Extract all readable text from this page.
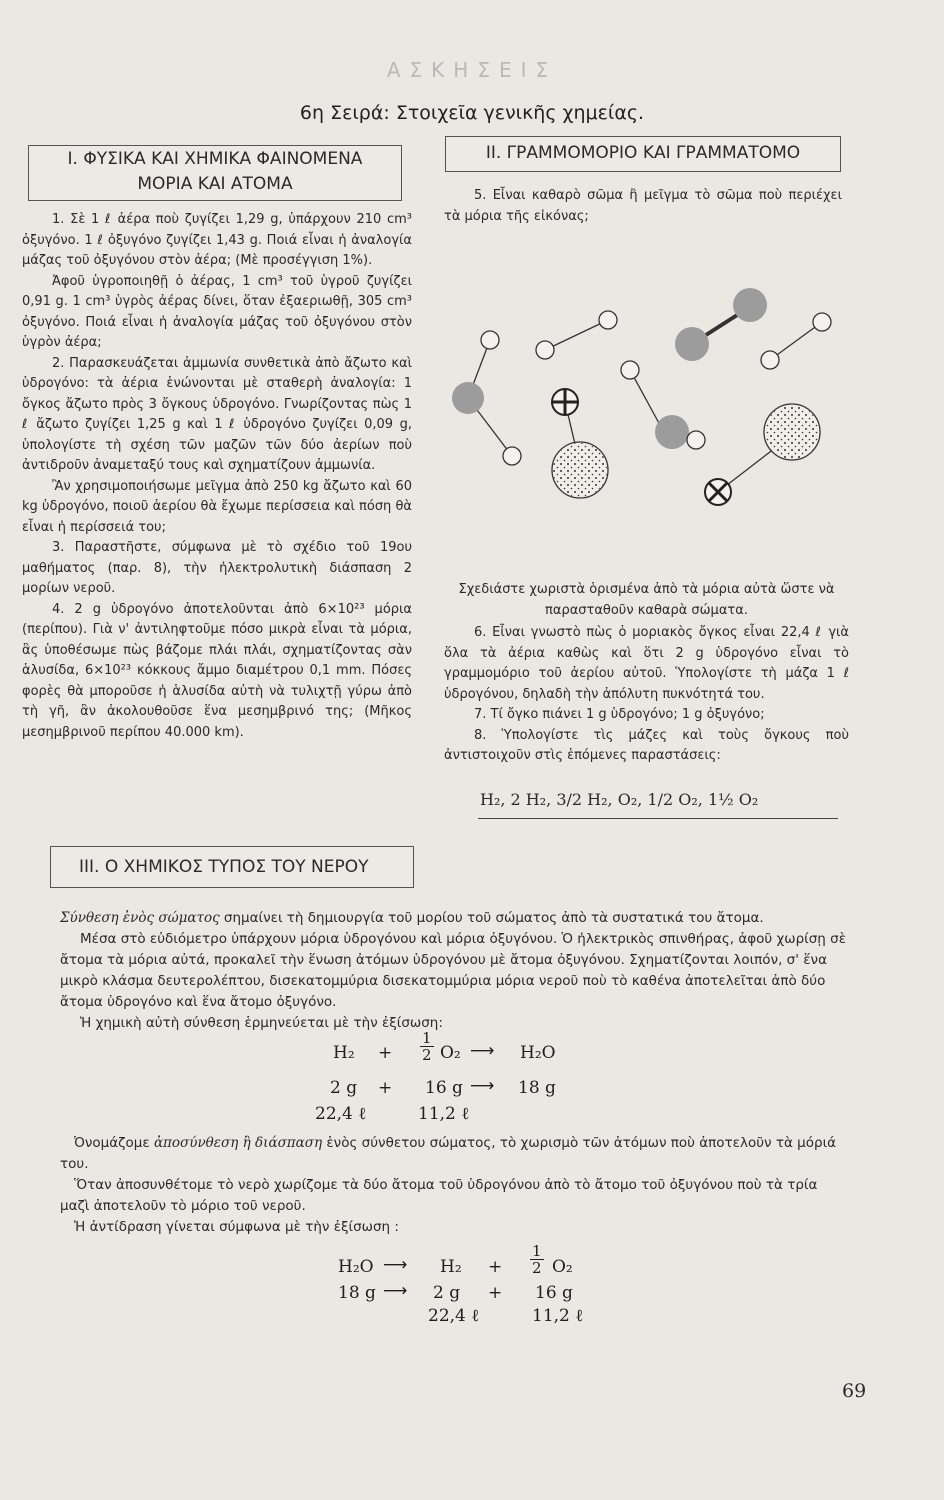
ΑΣΚΗΣΕΙΣ
6η Σειρά: Στοιχεῖα γενικῆς χημείας.
I. ΦΥΣΙΚΑ ΚΑΙ ΧΗΜΙΚΑ ΦΑΙΝΟΜΕΝΑ
ΜΟΡΙΑ ΚΑΙ ΑΤΟΜΑ

1. Σὲ 1 ℓ ἀέρα ποὺ ζυγίζει 1,29 g, ὑπάρχουν 210 cm³ ὀξυγόνο. 1 ℓ ὀξυγόνο ζυγίζει 1,43 g. Ποιά εἶναι ἡ ἀναλογία μάζας τοῦ ὀξυγόνου στὸν ἀέρα; (Μὲ προσέγγιση 1%).

Ἀφοῦ ὑγροποιηθῇ ὁ ἀέρας, 1 cm³ τοῦ ὑγροῦ ζυγίζει 0,91 g. 1 cm³ ὑγρὸς ἀέρας δίνει, ὅταν ἐξαεριωθῇ, 305 cm³ ὀξυγόνο. Ποιά εἶναι ἡ ἀναλογία μάζας τοῦ ὀξυγόνου στὸν ὑγρὸν ἀέρα;

2. Παρασκευάζεται ἀμμωνία συνθετικὰ ἀπὸ ἄζωτο καὶ ὑδρογόνο: τὰ ἀέρια ἑνώνονται μὲ σταθερὴ ἀναλογία: 1 ὄγκος ἄζωτο πρὸς 3 ὄγκους ὑδρογόνο. Γνωρίζοντας πὼς 1 ℓ ἄζωτο ζυγίζει 1,25 g καὶ 1 ℓ ὑδρογόνο ζυγίζει 0,09 g, ὑπολογίστε τὴ σχέση τῶν μαζῶν τῶν δύο ἀερίων ποὺ ἀντιδροῦν ἀναμεταξύ τους καὶ σχηματίζουν ἀμμωνία.

Ἂν χρησιμοποιήσωμε μεῖγμα ἀπὸ 250 kg ἄζωτο καὶ 60 kg ὑδρογόνο, ποιοῦ ἀερίου θὰ ἔχωμε περίσσεια καὶ πόση θὰ εἶναι ἡ περίσσειά του;

3. Παραστῆστε, σύμφωνα μὲ τὸ σχέδιο τοῦ 19ου μαθήματος (παρ. 8), τὴν ἠλεκτρολυτικὴ διάσπαση 2 μορίων νεροῦ.

4. 2 g ὑδρογόνο ἀποτελοῦνται ἀπὸ 6×10²³ μόρια (περίπου). Γιὰ ν' ἀντιληφτοῦμε πόσο μικρὰ εἶναι τὰ μόρια, ἂς ὑποθέσωμε πὼς βάζομε πλάι πλάι, σχηματίζοντας σὰν ἁλυσίδα, 6×10²³ κόκκους ἄμμο διαμέτρου 0,1 mm. Πόσες φορὲς θὰ μποροῦσε ἡ ἁλυσίδα αὐτὴ νὰ τυλιχτῇ γύρω ἀπὸ τὴ γῆ, ἂν ἀκολουθοῦσε ἕνα μεσημβρινό της; (Μῆκος μεσημβρινοῦ περίπου 40.000 km).

II. ΓΡΑΜΜΟΜΟΡΙΟ ΚΑΙ ΓΡΑΜΜΑΤΟΜΟ
5. Εἶναι καθαρὸ σῶμα ἢ μεῖγμα τὸ σῶμα ποὺ περιέχει τὰ μόρια τῆς εἰκόνας;
Σχεδιάστε χωριστὰ ὁρισμένα ἀπὸ τὰ μόρια αὐτὰ ὥστε νὰ παρασταθοῦν καθαρὰ σώματα.

6. Εἶναι γνωστὸ πὼς ὁ μοριακὸς ὄγκος εἶναι 22,4 ℓ γιὰ ὅλα τὰ ἀέρια καθὼς καὶ ὅτι 2 g ὑδρογόνο εἶναι τὸ γραμμομόριο τοῦ ἀερίου αὐτοῦ. Ὑπολογίστε τὴ μάζα 1 ℓ ὑδρογόνου, δηλαδὴ τὴν ἀπόλυτη πυκνότητά του.

7. Τί ὄγκο πιάνει 1 g ὑδρογόνο; 1 g ὀξυγόνο;

8. Ὑπολογίστε τὶς μάζες καὶ τοὺς ὄγκους ποὺ ἀντιστοιχοῦν στὶς ἑπόμενες παραστάσεις:

H₂, 2 H₂, 3/2 H₂, O₂, 1/2 O₂, 1½ O₂
III. Ο ΧΗΜΙΚΟΣ ΤΥΠΟΣ ΤΟΥ ΝΕΡΟΥ

Σύνθεση ἑνὸς σώματος σημαίνει τὴ δημιουργία τοῦ μορίου τοῦ σώματος ἀπὸ τὰ συστατικά του ἄτομα.

Μέσα στὸ εὐδιόμετρο ὑπάρχουν μόρια ὑδρογόνου καὶ μόρια ὀξυγόνου. Ὁ ἠλεκτρικὸς σπινθήρας, ἀφοῦ χωρίσῃ σὲ ἄτομα τὰ μόρια αὐτά, προκαλεῖ τὴν ἕνωση ἀτόμων ὑδρογόνου μὲ ἄτομα ὀξυγόνου. Σχηματίζονται λοιπόν, σ' ἕνα μικρὸ κλάσμα δευτερολέπτου, δισεκατομμύρια δισεκατομμύρια μόρια νεροῦ ποὺ τὸ καθένα ἀποτελεῖται ἀπὸ δύο ἄτομα ὑδρογόνο καὶ ἕνα ἄτομο ὀξυγόνο.

Ἡ χημικὴ αὐτὴ σύνθεση ἑρμηνεύεται μὲ τὴν ἐξίσωση:

$H_2 + \frac{1}{2} O_2$ ⟶ H₂O
2 g + 16 g ⟶ 18 g
22,4 ℓ	11,2 ℓ

Ὀνομάζομε ἀποσύνθεση ἢ διάσπαση ἑνὸς σύνθετου σώματος, τὸ χωρισμὸ τῶν ἀτόμων ποὺ ἀποτελοῦν τὰ μόριά του.

Ὅταν ἀποσυνθέτομε τὸ νερὸ χωρίζομε τὰ δύο ἄτομα τοῦ ὑδρογόνου ἀπὸ τὸ ἄτομο τοῦ ὀξυγόνου ποὺ τὰ τρία μαζὶ ἀποτελοῦν τὸ μόριο τοῦ νεροῦ.

Ἡ ἀντίδραση γίνεται σύμφωνα μὲ τὴν ἐξίσωση :

H₂O ⟶ $H_2 + \frac{1}{2} O_2$
18 g ⟶ 2 g + 16 g
22,4 ℓ	11,2 ℓ
69
